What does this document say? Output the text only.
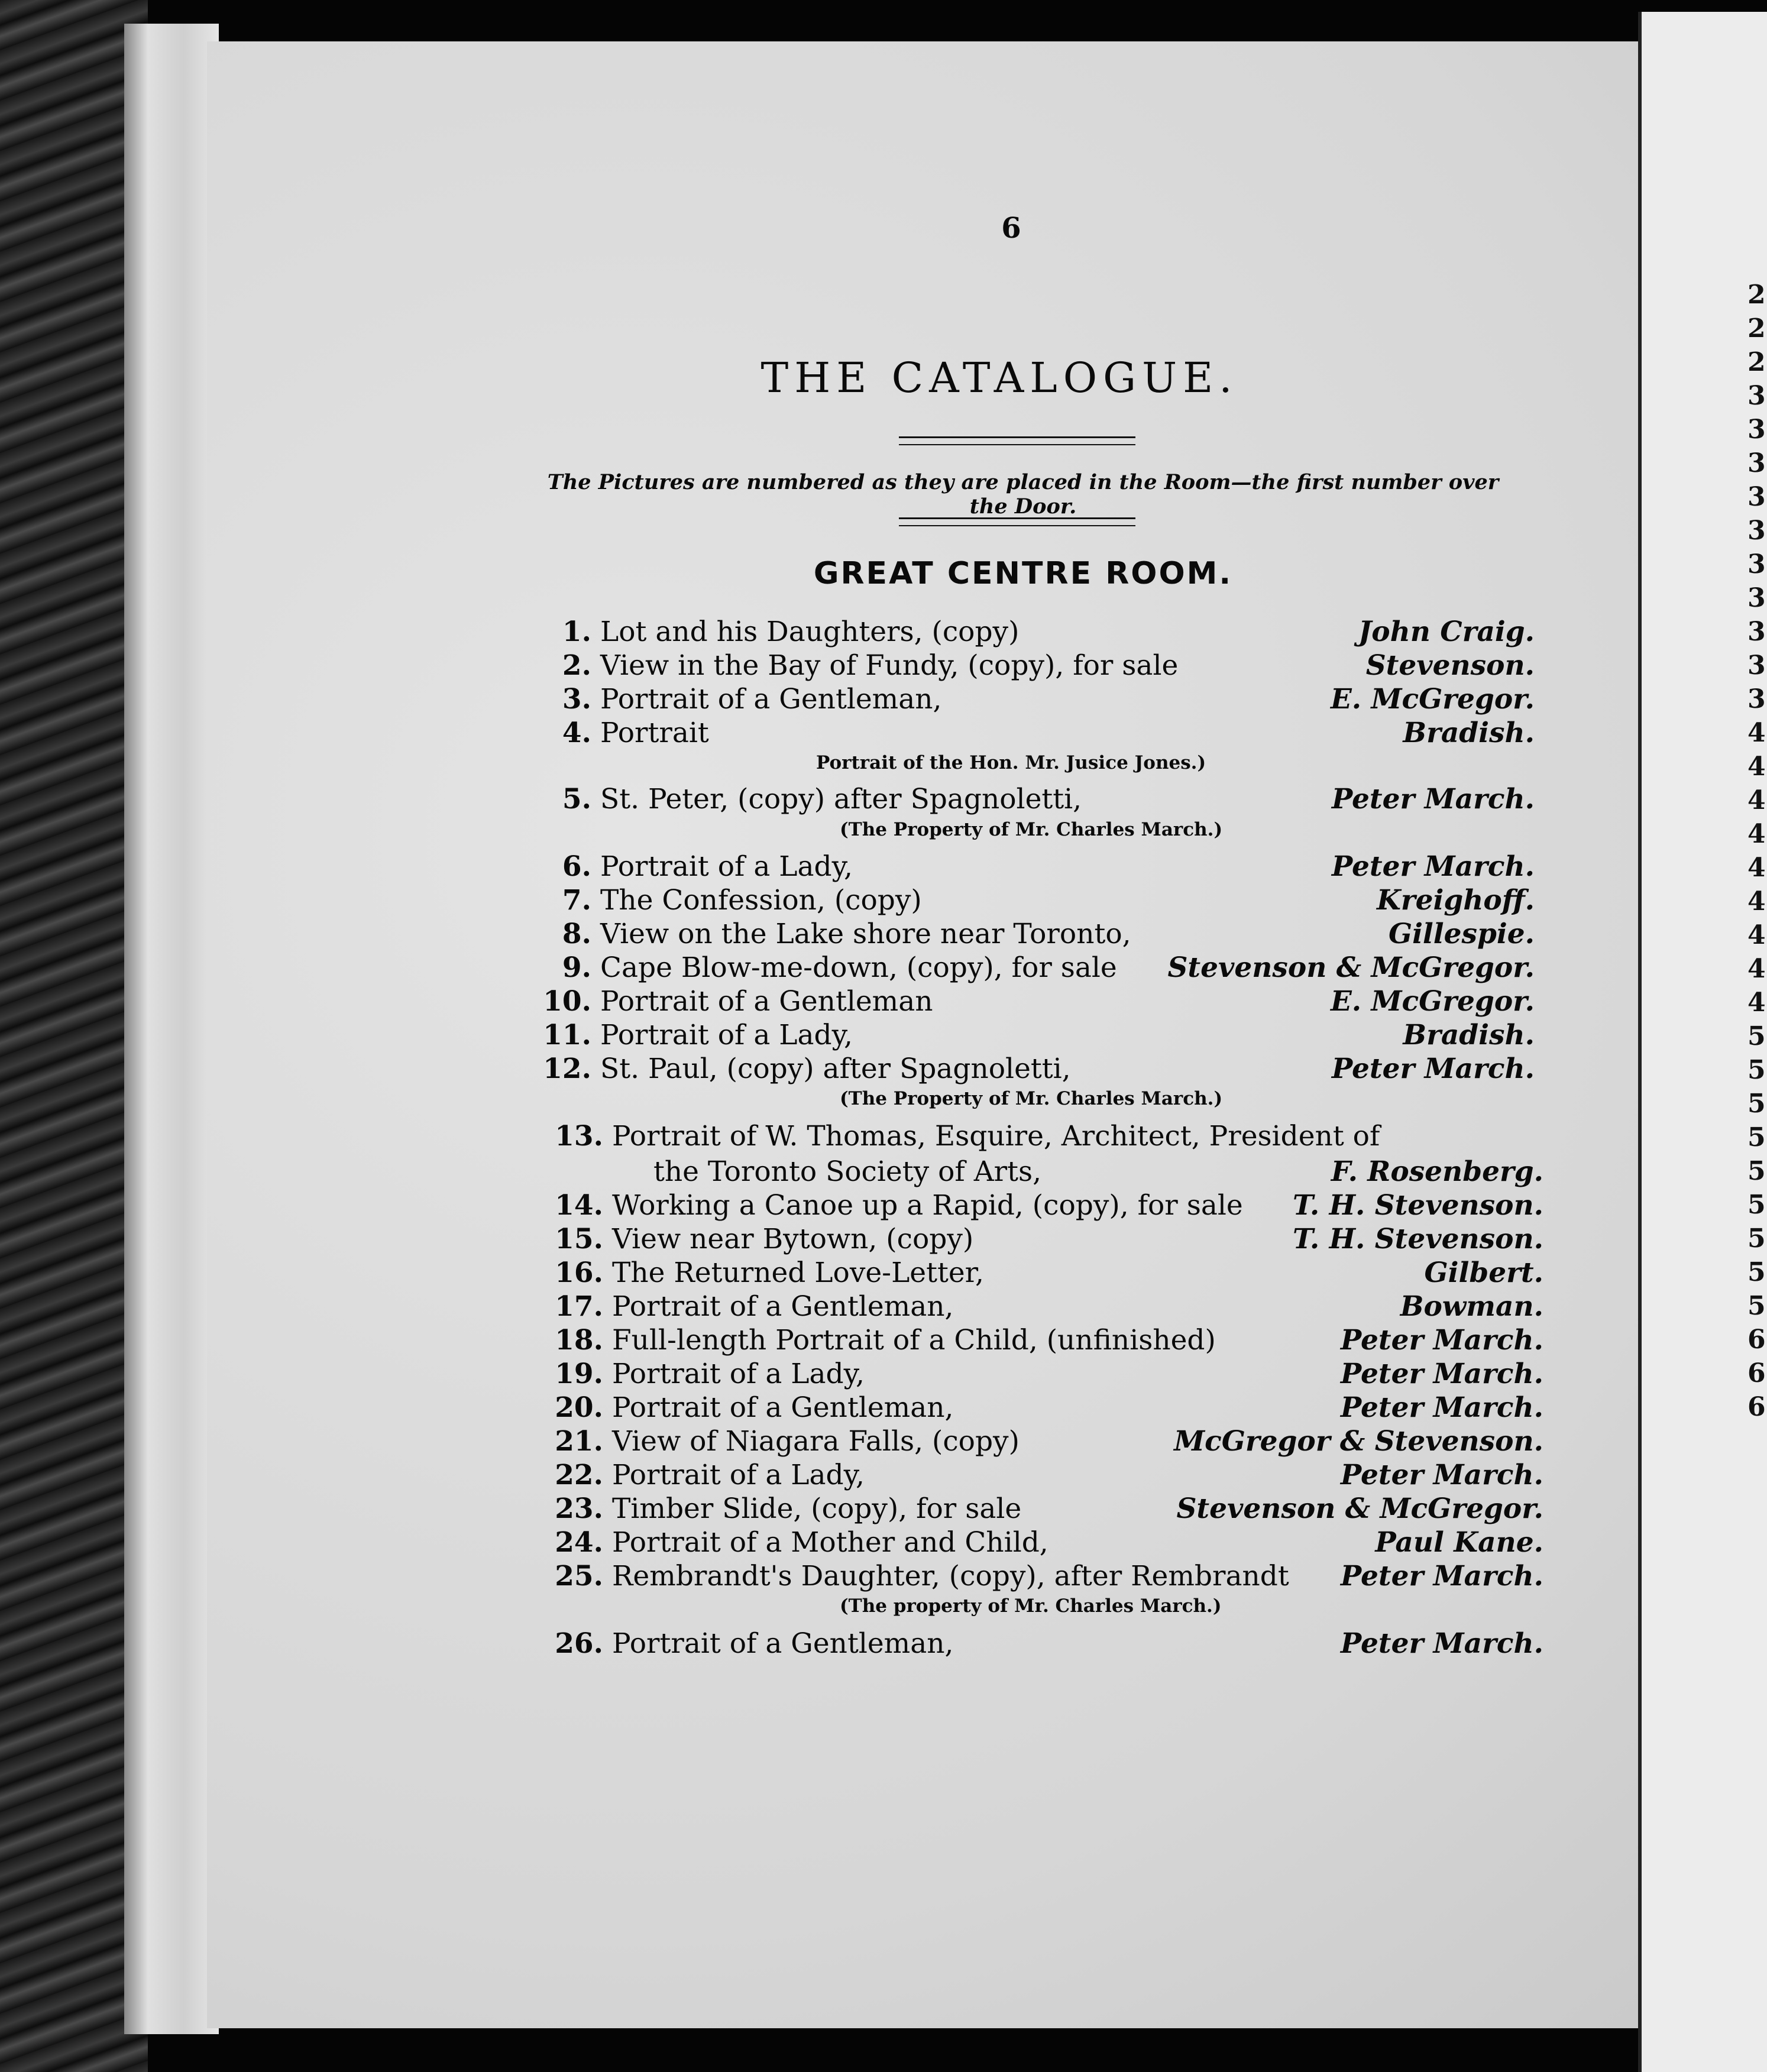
2
2
2
3
3
3
3
3
3
3
3
3
3
4
4
4
4
4
4
4
4
4
5
5
5
5
5
5
5
5
5
6
6
6
6
THE CATALOGUE.
The Pictures are numbered as they are placed in the Room—the first number over the Door.
GREAT CENTRE ROOM.
1. Lot and his Daughters, (copy)	John Craig.
2. View in the Bay of Fundy, (copy), for sale	Stevenson.
3. Portrait of a Gentleman,	E. McGregor.
4. Portrait	Bradish.
Portrait of the Hon. Mr. Jusice Jones.)
5. St. Peter, (copy) after Spagnoletti,	Peter March.
(The Property of Mr. Charles March.)
6. Portrait of a Lady,	Peter March.
7. The Confession, (copy)	Kreighoff.
8. View on the Lake shore near Toronto,	Gillespie.
9. Cape Blow-me-down, (copy), for sale Stevenson & McGregor.
10. Portrait of a Gentleman	E. McGregor.
11. Portrait of a Lady,	Bradish.
12. St. Paul, (copy) after Spagnoletti,	Peter March.
(The Property of Mr. Charles March.)
13. Portrait of W. Thomas, Esquire, Architect, President of
the Toronto Society of Arts,	F. Rosenberg.
14. Working a Canoe up a Rapid, (copy), for sale T. H. Stevenson.
15. View near Bytown, (copy)	T. H. Stevenson.
16. The Returned Love-Letter,	Gilbert.
17. Portrait of a Gentleman,	Bowman.
18. Full-length Portrait of a Child, (unfinished)	Peter March.
19. Portrait of a Lady,	Peter March.
20. Portrait of a Gentleman,	Peter March.
21. View of Niagara Falls, (copy)	McGregor & Stevenson.
22. Portrait of a Lady,	Peter March.
23. Timber Slide, (copy), for sale	Stevenson & McGregor.
24. Portrait of a Mother and Child,	Paul Kane.
25. Rembrandt's Daughter, (copy), after Rembrandt Peter March.
(The property of Mr. Charles March.)
26. Portrait of a Gentleman,	Peter March.
